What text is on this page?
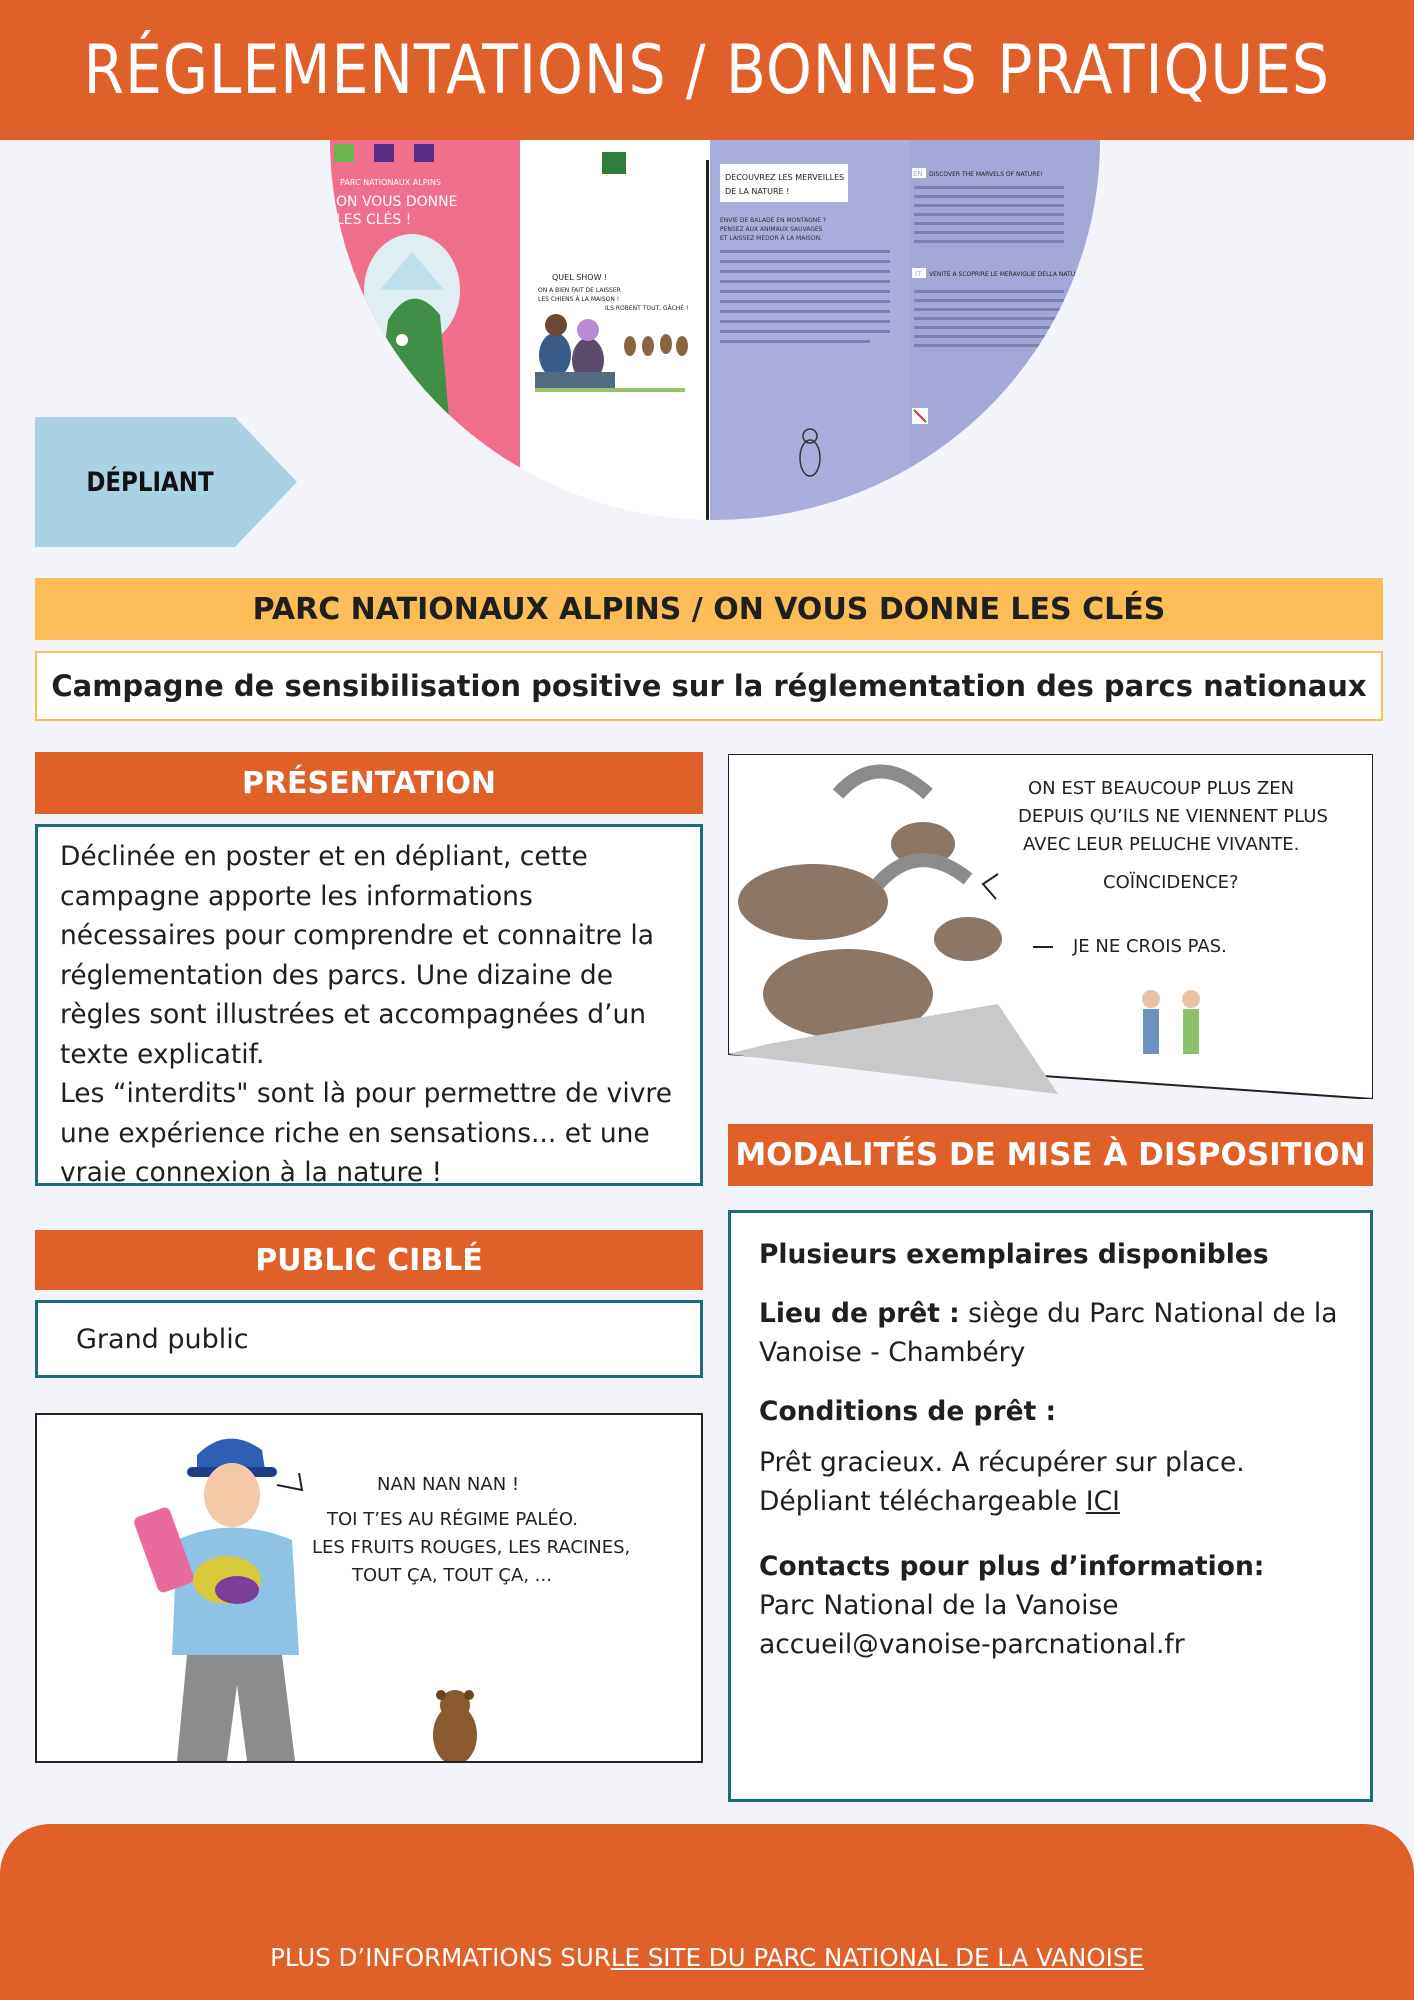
RÉGLEMENTATIONS / BONNES PRATIQUES
PARC NATIONAUX ALPINS
ON VOUS DONNE
LES CLÉS !
QUEL SHOW !
ON A BIEN FAIT DE LAISSER
LES CHIENS À LA MAISON !
ILS ROBENT TOUT, GÂCHÉ !
DÉCOUVREZ LES MERVEILLES
DE LA NATURE !
ENVIE DE BALADE EN MONTAGNE ?
PENSEZ AUX ANIMAUX SAUVAGES
ET LAISSEZ MÉDOR À LA MAISON.
EN DISCOVER THE MARVELS OF NATURE!
IT VENITE A SCOPRIRE LE MERAVIGLIE DELLA NATURA!
DÉPLIANT
PARC NATIONAUX ALPINS / ON VOUS DONNE LES CLÉS
Campagne de sensibilisation positive sur la réglementation des parcs nationaux
PRÉSENTATION

Déclinée en poster et en dépliant, cette campagne apporte les informations nécessaires pour comprendre et connaitre la réglementation des parcs. Une dizaine de règles sont illustrées et accompagnées d’un texte explicatif.

Les “interdits" sont là pour permettre de vivre une expérience riche en sensations... et une vraie connexion à la nature !

PUBLIC CIBLÉ
Grand public
NAN NAN NAN !
TOI T’ES AU RÉGIME PALÉO.
LES FRUITS ROUGES, LES RACINES,
TOUT ÇA, TOUT ÇA, ...
ON EST BEAUCOUP PLUS ZEN
DEPUIS QU’ILS NE VIENNENT PLUS
AVEC LEUR PELUCHE VIVANTE.
COÏNCIDENCE?
JE NE CROIS PAS.
MODALITÉS DE MISE À DISPOSITION

Plusieurs exemplaires disponibles

Lieu de prêt : siège du Parc National de la Vanoise - Chambéry

Conditions de prêt :

Prêt gracieux. A récupérer sur place.

Dépliant téléchargeable ICI

Contacts pour plus d’information:

Parc National de la Vanoise

accueil@vanoise-parcnational.fr

PLUS D’INFORMATIONS SUR LE SITE DU PARC NATIONAL DE LA VANOISE
